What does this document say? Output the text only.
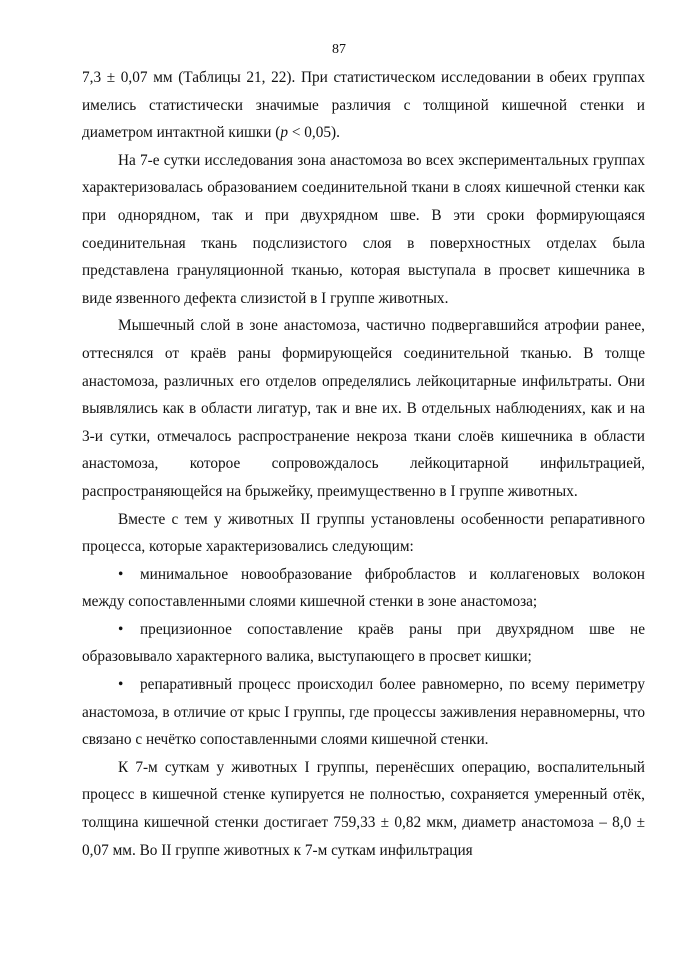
87

7,3 ± 0,07 мм (Таблицы 21, 22). При статистическом исследовании в обеих группах имелись статистически значимые различия с толщиной кишечной стенки и диаметром интактной кишки (p < 0,05).

На 7-е сутки исследования зона анастомоза во всех экспериментальных группах характеризовалась образованием соединительной ткани в слоях кишечной стенки как при однорядном, так и при двухрядном шве. В эти сроки формирующаяся соединительная ткань подслизистого слоя в поверхностных отделах была представлена грануляционной тканью, которая выступала в просвет кишечника в виде язвенного дефекта слизистой в I группе животных.

Мышечный слой в зоне анастомоза, частично подвергавшийся атрофии ранее, оттеснялся от краёв раны формирующейся соединительной тканью. В толще анастомоза, различных его отделов определялись лейкоцитарные инфильтраты. Они выявлялись как в области лигатур, так и вне их. В отдельных наблюдениях, как и на 3-и сутки, отмечалось распространение некроза ткани слоёв кишечника в области анастомоза, которое сопровождалось лейкоцитарной инфильтрацией, распространяющейся на брыжейку, преимущественно в I группе животных.

Вместе с тем у животных II группы установлены особенности репаративного процесса, которые характеризовались следующим:

• минимальное новообразование фибробластов и коллагеновых волокон между сопоставленными слоями кишечной стенки в зоне анастомоза;

• прецизионное сопоставление краёв раны при двухрядном шве не образовывало характерного валика, выступающего в просвет кишки;

• репаративный процесс происходил более равномерно, по всему периметру анастомоза, в отличие от крыс I группы, где процессы заживления неравномерны, что связано с нечётко сопоставленными слоями кишечной стенки.

К 7-м суткам у животных I группы, перенёсших операцию, воспалительный процесс в кишечной стенке купируется не полностью, сохраняется умеренный отёк, толщина кишечной стенки достигает 759,33 ± 0,82 мкм, диаметр анастомоза – 8,0 ± 0,07 мм. Во II группе животных к 7-м суткам инфильтрация
